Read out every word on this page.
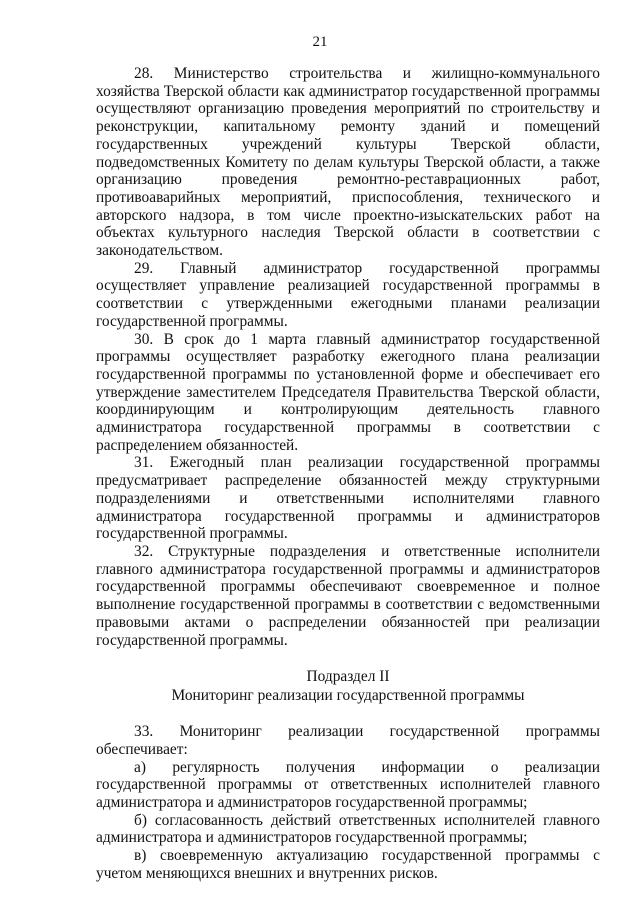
21

28. Министерство строительства и жилищно-коммунального хозяйства Тверской области как администратор государственной программы осуществляют организацию проведения мероприятий по строительству и реконструкции, капитальному ремонту зданий и помещений государственных учреждений культуры Тверской области, подведомственных Комитету по делам культуры Тверской области, а также организацию проведения ремонтно-реставрационных работ, противоаварийных мероприятий, приспособления, технического и авторского надзора, в том числе проектно-изыскательских работ на объектах культурного наследия Тверской области в соответствии с законодательством.

29. Главный администратор государственной программы осуществляет управление реализацией государственной программы в соответствии с утвержденными ежегодными планами реализации государственной программы.

30. В срок до 1 марта главный администратор государственной программы осуществляет разработку ежегодного плана реализации государственной программы по установленной форме и обеспечивает его утверждение заместителем Председателя Правительства Тверской области, координирующим и контролирующим деятельность главного администратора государственной программы в соответствии с распределением обязанностей.

31. Ежегодный план реализации государственной программы предусматривает распределение обязанностей между структурными подразделениями и ответственными исполнителями главного администратора государственной программы и администраторов государственной программы.

32. Структурные подразделения и ответственные исполнители главного администратора государственной программы и администраторов государственной программы обеспечивают своевременное и полное выполнение государственной программы в соответствии с ведомственными правовыми актами о распределении обязанностей при реализации государственной программы.

Подраздел II

Мониторинг реализации государственной программы

33. Мониторинг реализации государственной программы обеспечивает:

а) регулярность получения информации о реализации государственной программы от ответственных исполнителей главного администратора и администраторов государственной программы;

б) согласованность действий ответственных исполнителей главного администратора и администраторов государственной программы;

в) своевременную актуализацию государственной программы с учетом меняющихся внешних и внутренних рисков.
